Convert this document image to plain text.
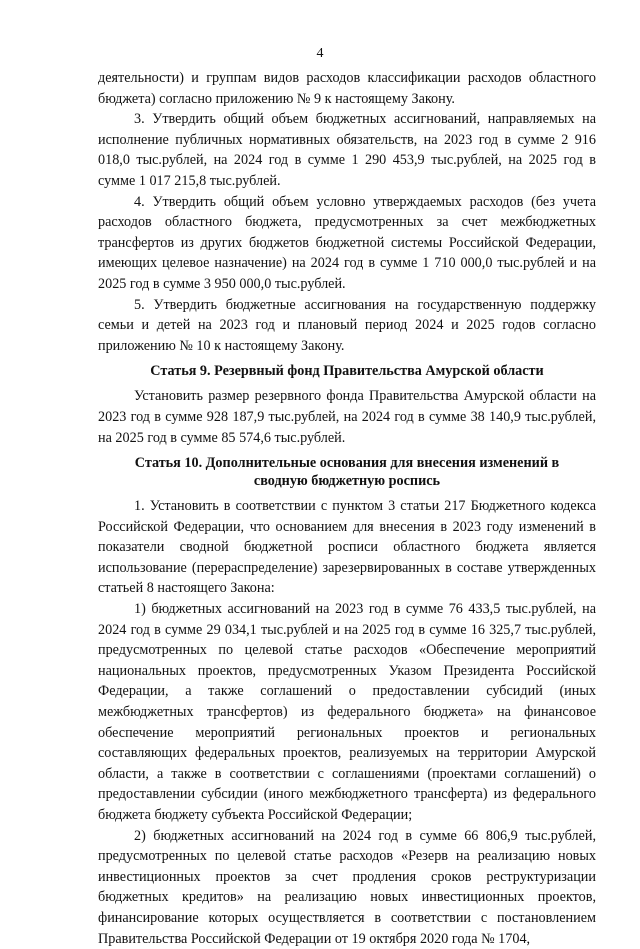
4

деятельности) и группам видов расходов классификации расходов областного бюджета) согласно приложению № 9 к настоящему Закону.

3. Утвердить общий объем бюджетных ассигнований, направляемых на исполнение публичных нормативных обязательств, на 2023 год в сумме 2 916 018,0 тыс.рублей, на 2024 год в сумме 1 290 453,9 тыс.рублей, на 2025 год в сумме 1 017 215,8 тыс.рублей.

4. Утвердить общий объем условно утверждаемых расходов (без учета расходов областного бюджета, предусмотренных за счет межбюджетных трансфертов из других бюджетов бюджетной системы Российской Федерации, имеющих целевое назначение) на 2024 год в сумме 1 710 000,0 тыс.рублей и на 2025 год в сумме 3 950 000,0 тыс.рублей.

5. Утвердить бюджетные ассигнования на государственную поддержку семьи и детей на 2023 год и плановый период 2024 и 2025 годов согласно приложению № 10 к настоящему Закону.

Статья 9. Резервный фонд Правительства Амурской области

Установить размер резервного фонда Правительства Амурской области на 2023 год в сумме 928 187,9 тыс.рублей, на 2024 год в сумме 38 140,9 тыс.рублей, на 2025 год в сумме 85 574,6 тыс.рублей.

Статья 10. Дополнительные основания для внесения изменений в
сводную бюджетную роспись

1. Установить в соответствии с пунктом 3 статьи 217 Бюджетного кодекса Российской Федерации, что основанием для внесения в 2023 году изменений в показатели сводной бюджетной росписи областного бюджета является использование (перераспределение) зарезервированных в составе утвержденных статьей 8 настоящего Закона:

1) бюджетных ассигнований на 2023 год в сумме 76 433,5 тыс.рублей, на 2024 год в сумме 29 034,1 тыс.рублей и на 2025 год в сумме 16 325,7 тыс.рублей, предусмотренных по целевой статье расходов «Обеспечение мероприятий национальных проектов, предусмотренных Указом Президента Российской Федерации, а также соглашений о предоставлении субсидий (иных межбюджетных трансфертов) из федерального бюджета» на финансовое обеспечение мероприятий региональных проектов и региональных составляющих федеральных проектов, реализуемых на территории Амурской области, а также в соответствии с соглашениями (проектами соглашений) о предоставлении субсидии (иного межбюджетного трансферта) из федерального бюджета бюджету субъекта Российской Федерации;

2) бюджетных ассигнований на 2024 год в сумме 66 806,9 тыс.рублей, предусмотренных по целевой статье расходов «Резерв на реализацию новых инвестиционных проектов за счет продления сроков реструктуризации бюджетных кредитов» на реализацию новых инвестиционных проектов, финансирование которых осуществляется в соответствии с постановлением Правительства Российской Федерации от 19 октября 2020 года № 1704,
